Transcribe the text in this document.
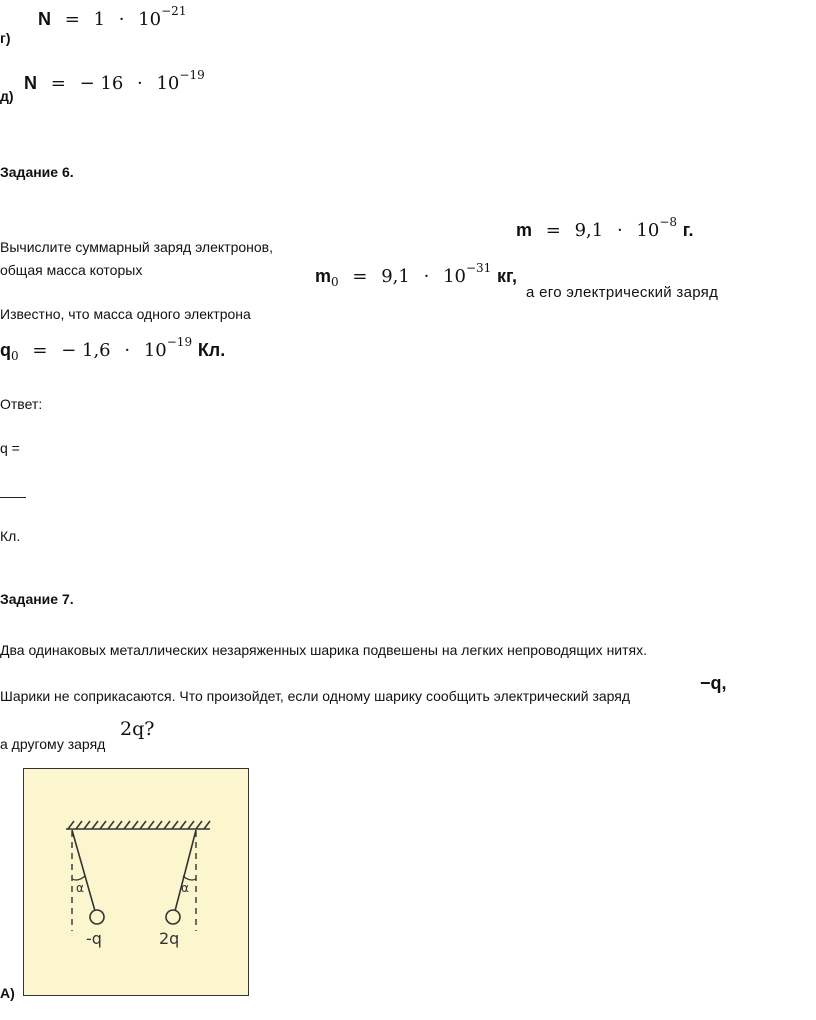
$N = 1 \cdot 10^{-21}$
г)
N = − $16 \cdot 10^{-19}$
д)
Задание 6.
$m = 9,1 \cdot 10^{-8}$ г.
Вычислите суммарный заряд электронов,
общая масса которых	$m_0 = 9,1 \cdot 10^{-31}$ кг,
а его электрический заряд
Известно, что масса одного электрона
$q_0$ = − $1,6 \cdot 10^{-19}$ Кл.
Ответ:
q =
Кл.
Задание 7.
Два одинаковых металлических незаряженных шарика подвешены на легких непроводящих нитях.
Шарики не соприкасаются. Что произойдет, если одному шарику сообщить электрический заряд
−q,
а другому заряд
2q?
α	α
-q	2q
А)
